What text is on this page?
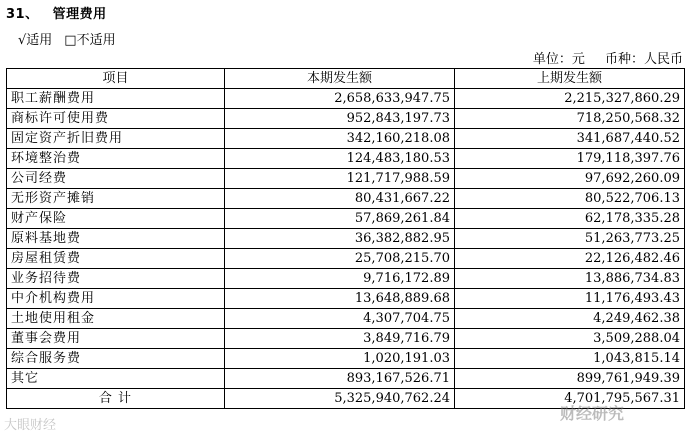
31、 管理费用
√适用 □不适用
单位：元 币种：人民币
项目	本期发生额	上期发生额
职工薪酬费用	2,658,633,947.75	2,215,327,860.29
商标许可使用费	952,843,197.73	718,250,568.32
固定资产折旧费用	342,160,218.08	341,687,440.52
环境整治费	124,483,180.53	179,118,397.76
公司经费	121,717,988.59	97,692,260.09
无形资产摊销	80,431,667.22	80,522,706.13
财产保险	57,869,261.84	62,178,335.28
原料基地费	36,382,882.95	51,263,773.25
房屋租赁费	25,708,215.70	22,126,482.46
业务招待费	9,716,172.89	13,886,734.83
中介机构费用	13,648,889.68	11,176,493.43
土地使用租金	4,307,704.75	4,249,462.38
董事会费用	3,849,716.79	3,509,288.04
综合服务费	1,020,191.03	1,043,815.14
其它	893,167,526.71	899,761,949.39
合 计	5,325,940,762.24	4,701,795,567.31
大眼财经
财经研究
